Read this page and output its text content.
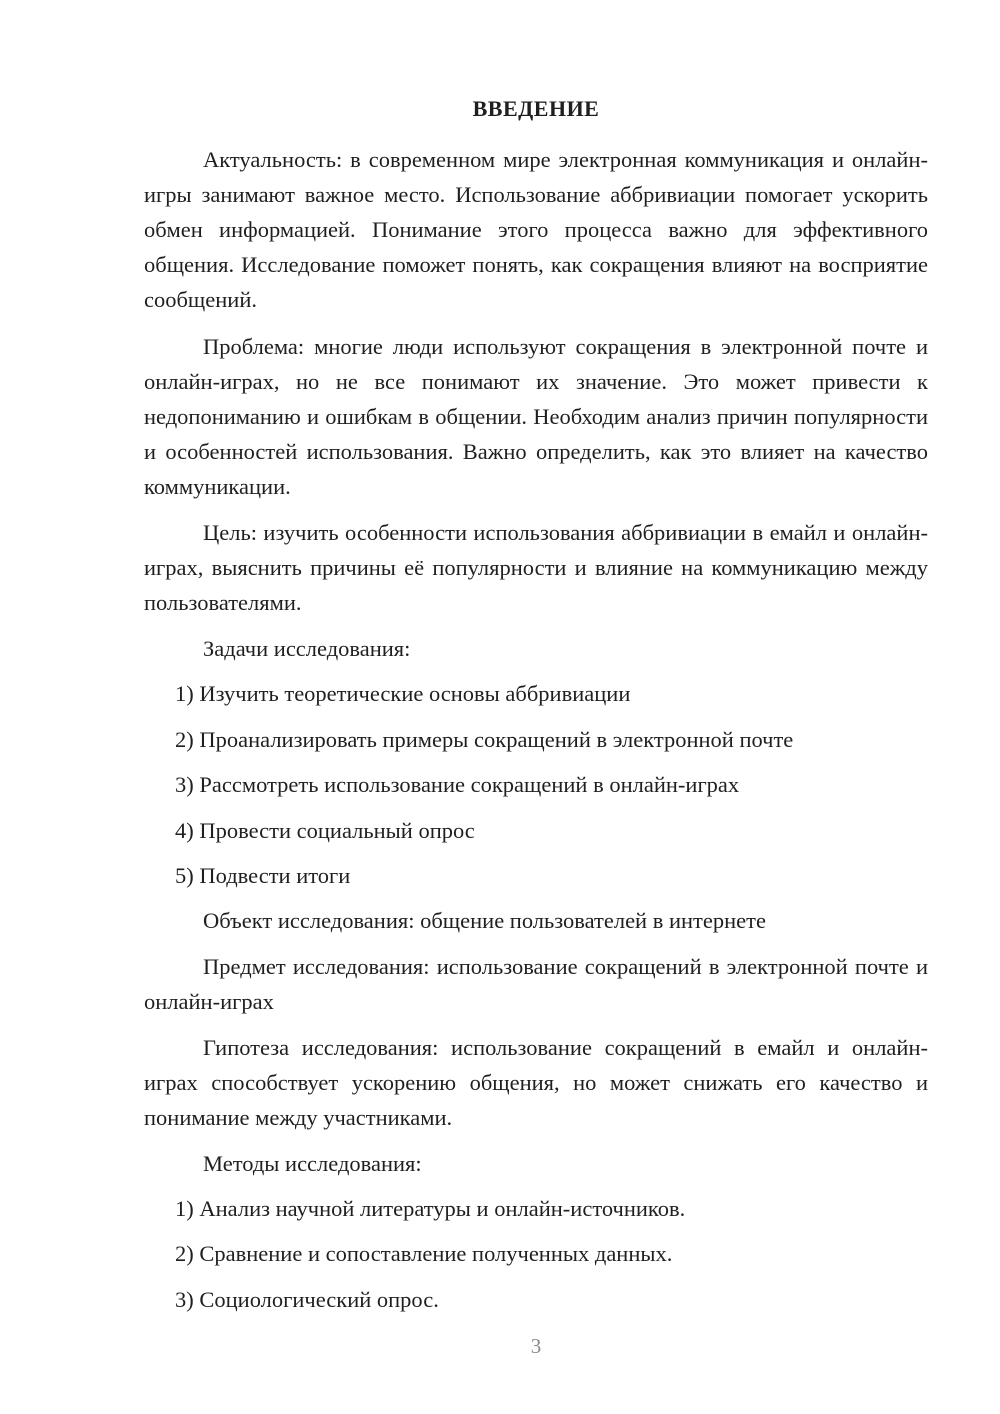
ВВЕДЕНИЕ

Актуальность: в современном мире электронная коммуникация и онлайн-игры занимают важное место. Использование аббривиации помогает ускорить обмен информацией. Понимание этого процесса важно для эффективного общения. Исследование поможет понять, как сокращения влияют на восприятие сообщений.

Проблема: многие люди используют сокращения в электронной почте и онлайн-играх, но не все понимают их значение. Это может привести к недопониманию и ошибкам в общении. Необходим анализ причин популярности и особенностей использования. Важно определить, как это влияет на качество коммуникации.

Цель: изучить особенности использования аббривиации в емайл и онлайн-играх, выяснить причины её популярности и влияние на коммуникацию между пользователями.

Задачи исследования:
1) Изучить теоретические основы аббривиации
2) Проанализировать примеры сокращений в электронной почте
3) Рассмотреть использование сокращений в онлайн-играх
4) Провести социальный опрос
5) Подвести итоги
Объект исследования: общение пользователей в интернете

Предмет исследования: использование сокращений в электронной почте и онлайн-играх

Гипотеза исследования: использование сокращений в емайл и онлайн-играх способствует ускорению общения, но может снижать его качество и понимание между участниками.

Методы исследования:
1) Анализ научной литературы и онлайн-источников.
2) Сравнение и сопоставление полученных данных.
3) Социологический опрос.
3
